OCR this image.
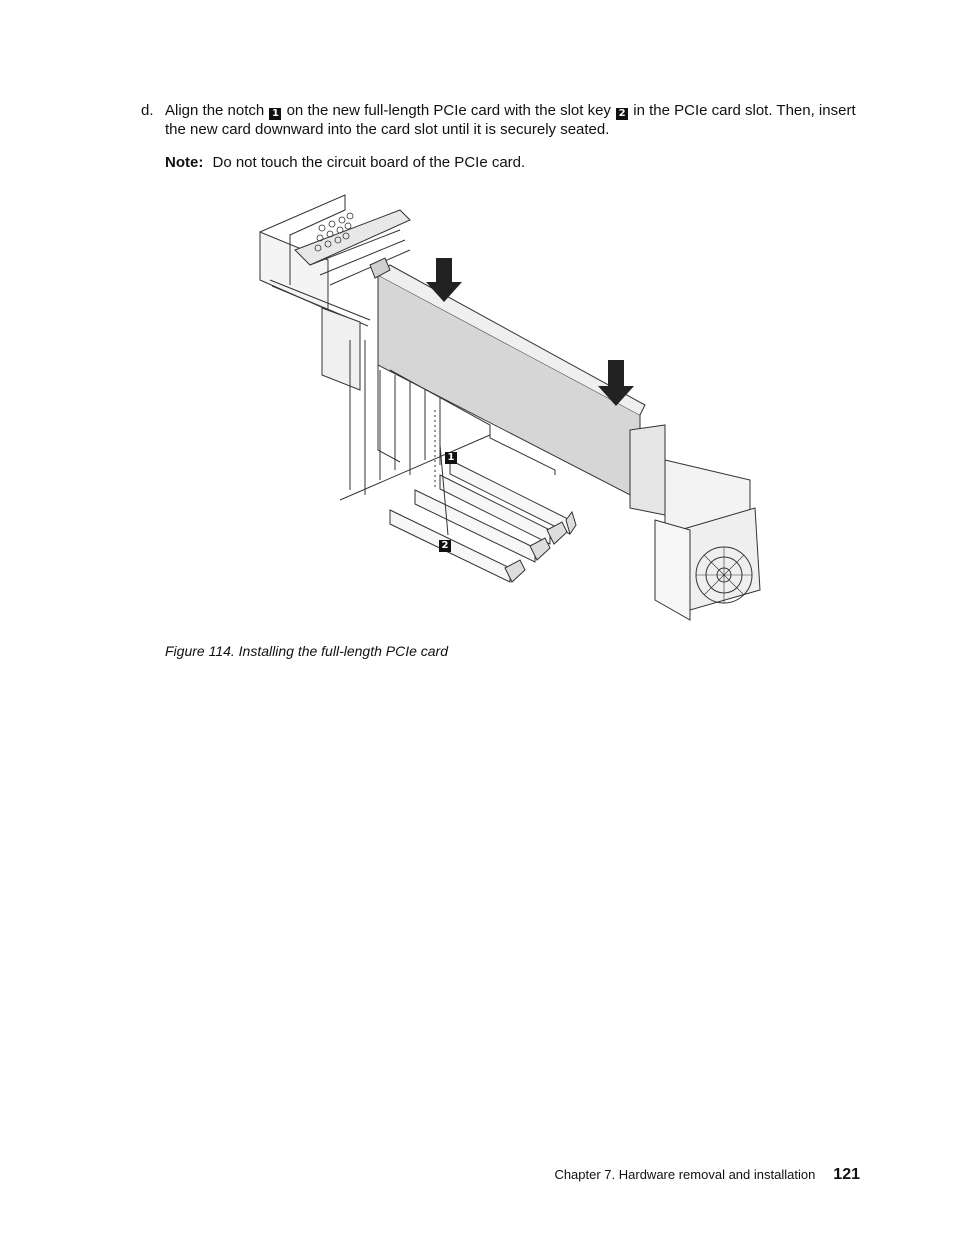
d. Align the notch 1 on the new full-length PCIe card with the slot key 2 in the PCIe card slot. Then, insert the new card downward into the card slot until it is securely seated.
Note: Do not touch the circuit board of the PCIe card.
1
2
Figure 114. Installing the full-length PCIe card
Chapter 7. Hardware removal and installation 121
